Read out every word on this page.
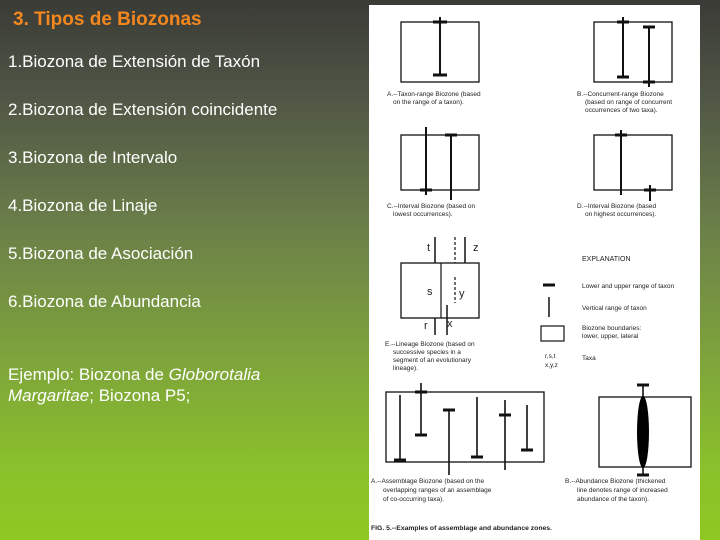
3. Tipos de Biozonas
1.Biozona de Extensión de Taxón
2.Biozona de Extensión coincidente
3.Biozona de Intervalo
4.Biozona de Linaje
5.Biozona de Asociación
6.Biozona de Abundancia
Ejemplo: Biozona de Globorotalia
Margaritae; Biozona P5;
A.--Taxon-range Biozone (based
on the range of a taxon).
B.--Concurrent-range Biozone
(based on range of concurrent
occurrences of two taxa).
C.--Interval Biozone (based on
lowest occurrences).
D.--Interval Biozone (based
on highest occurrences).
t	z
s y
r x
E.--Lineage Biozone (based on
successive species in a
segment of an evolutionary
lineage).
EXPLANATION
Lower and upper range of taxon
Vertical range of taxon
Biozone boundaries:
lower, upper, lateral
r,s,t
x,y,z
Taxa
A.--Assemblage Biozone (based on the
overlapping ranges of an assemblage
of co-occurring taxa).
B.--Abundance Biozone (thickened
line denotes range of increased
abundance of the taxon).
FIG. 5.--Examples of assemblage and abundance zones.
